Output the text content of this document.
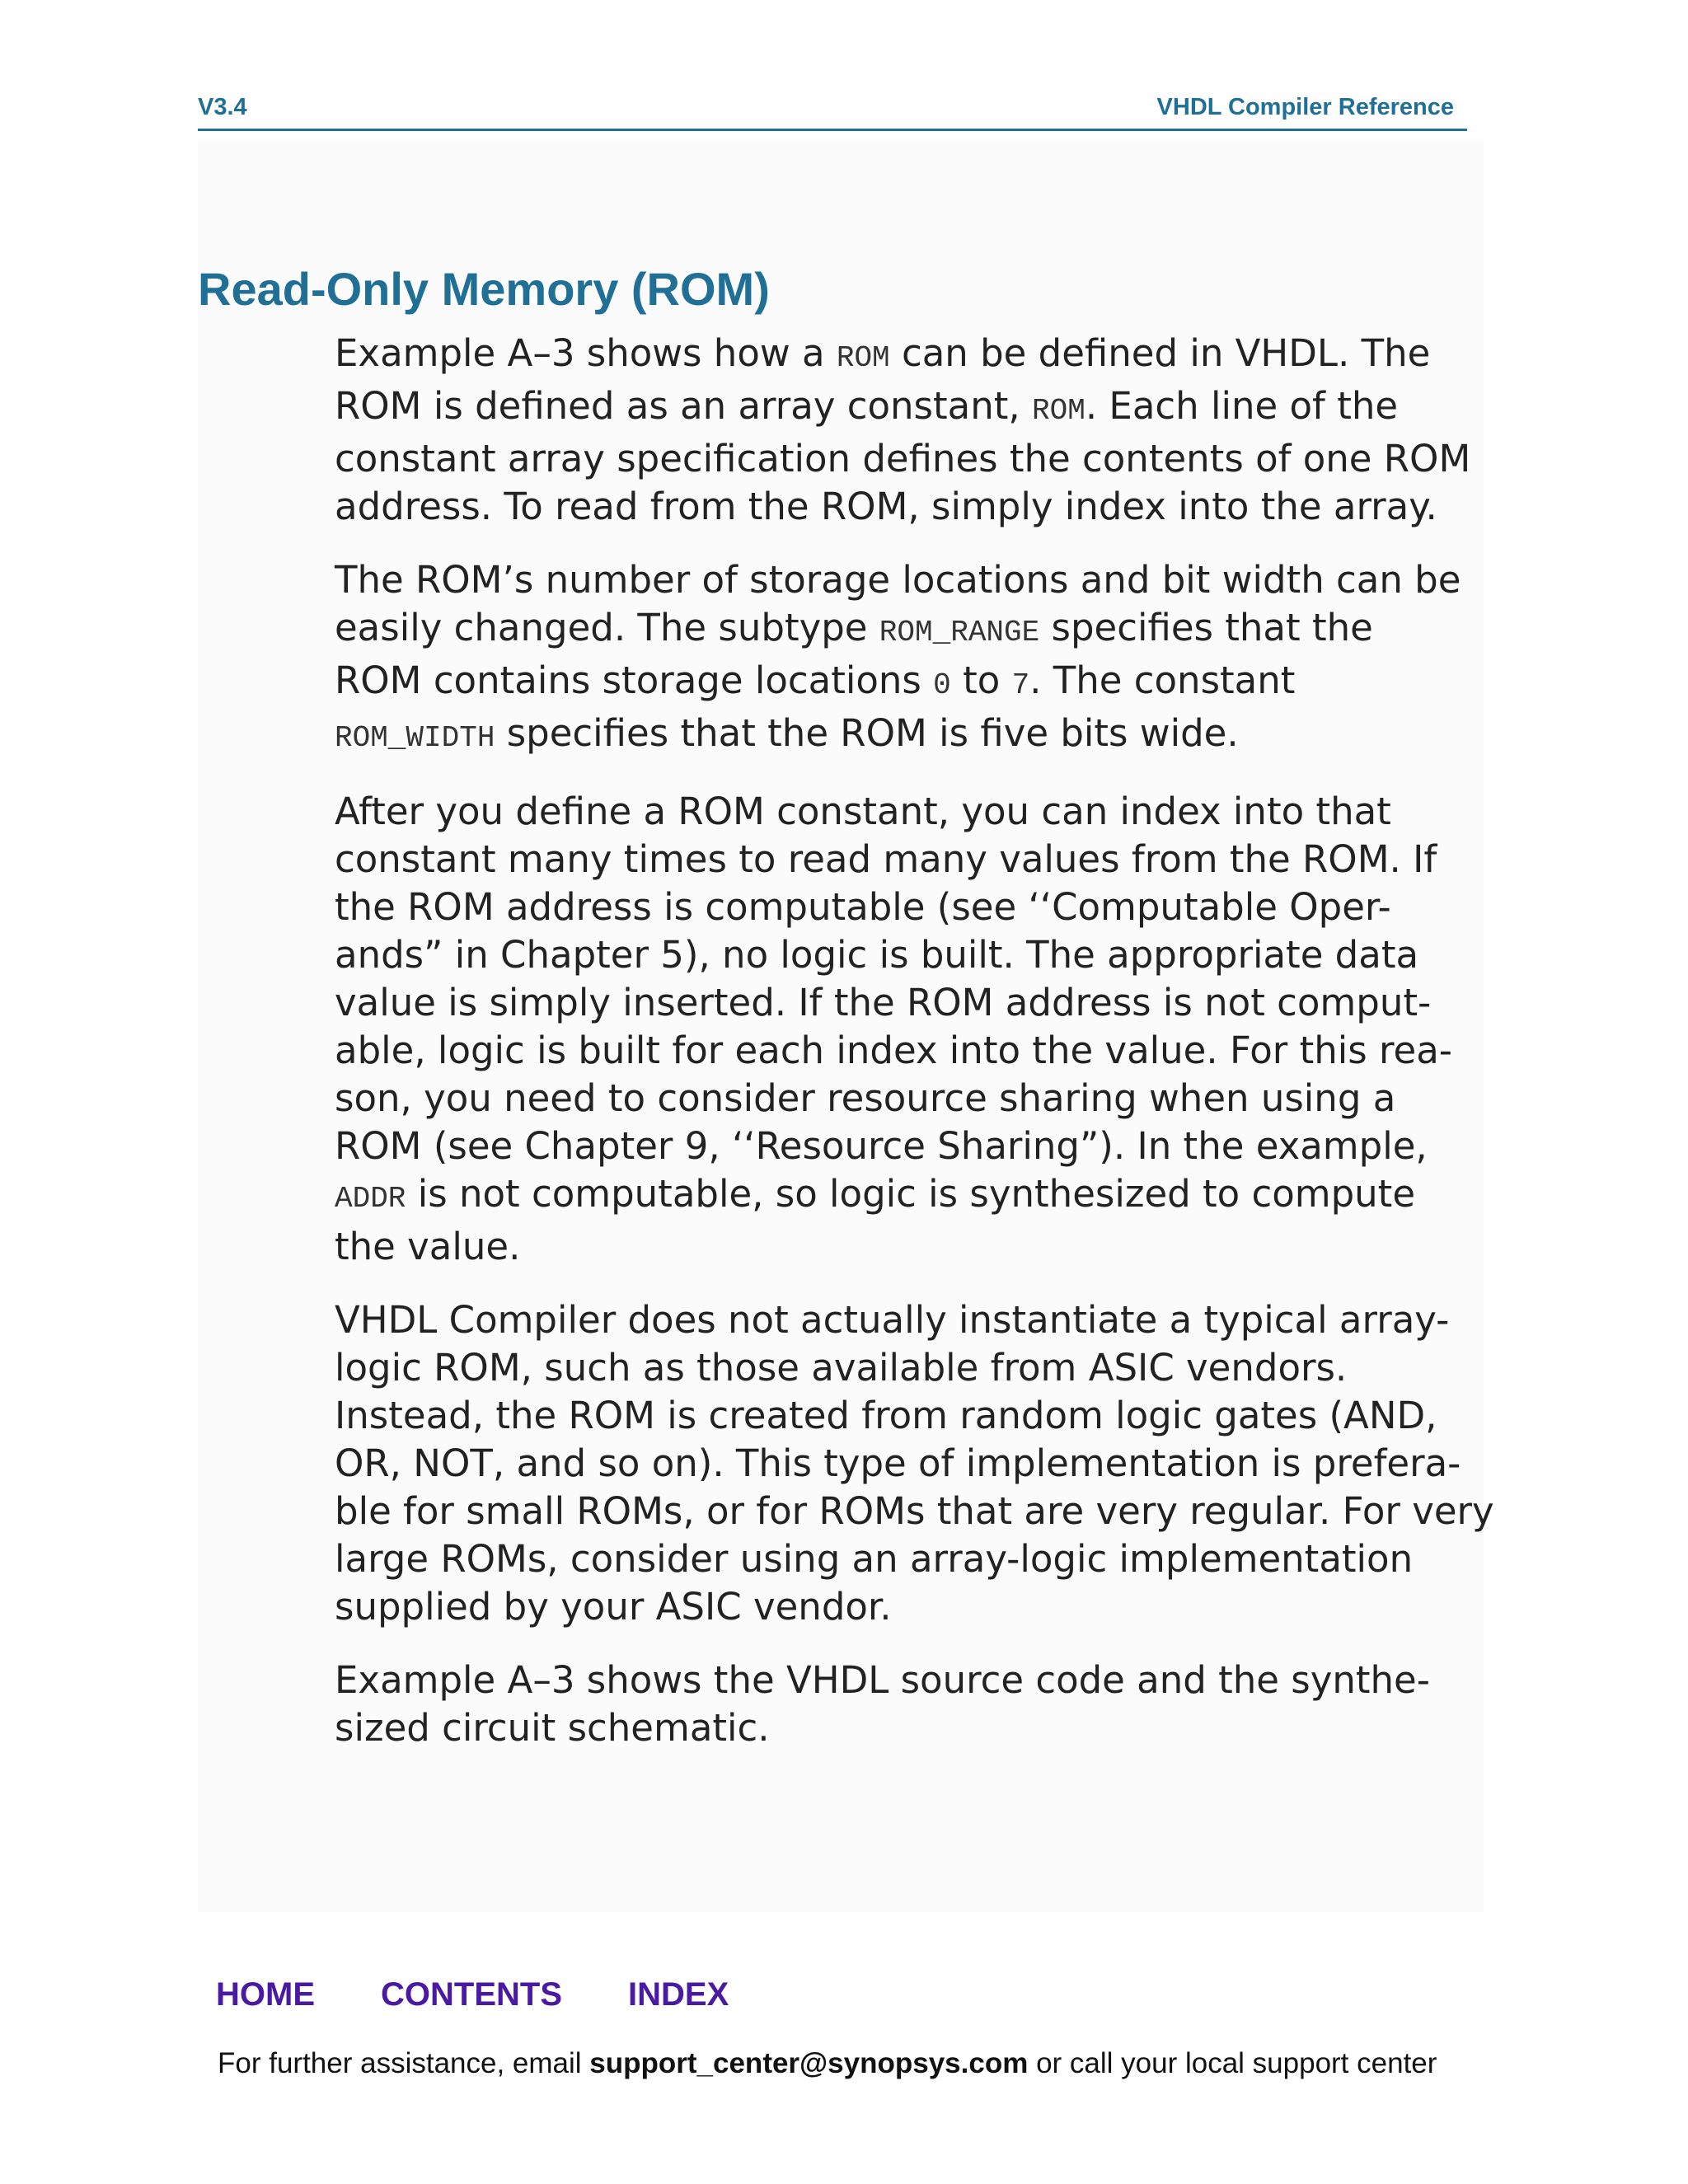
V3.4	VHDL Compiler Reference
Read-Only Memory (ROM)

Example A–3 shows how a ROM can be defined in VHDL. The
ROM is defined as an array constant, ROM. Each line of the
constant array specification defines the contents of one ROM
address. To read from the ROM, simply index into the array.

The ROM’s number of storage locations and bit width can be
easily changed. The subtype ROM_RANGE specifies that the
ROM contains storage locations 0 to 7. The constant
ROM_WIDTH specifies that the ROM is five bits wide.

After you define a ROM constant, you can index into that
constant many times to read many values from the ROM. If
the ROM address is computable (see ‘‘Computable Oper-
ands” in Chapter 5), no logic is built. The appropriate data
value is simply inserted. If the ROM address is not comput-
able, logic is built for each index into the value. For this rea-
son, you need to consider resource sharing when using a
ROM (see Chapter 9, ‘‘Resource Sharing”). In the example,
ADDR is not computable, so logic is synthesized to compute
the value.

VHDL Compiler does not actually instantiate a typical array-
logic ROM, such as those available from ASIC vendors.
Instead, the ROM is created from random logic gates (AND,
OR, NOT, and so on). This type of implementation is prefera-
ble for small ROMs, or for ROMs that are very regular. For very
large ROMs, consider using an array-logic implementation
supplied by your ASIC vendor.

Example A–3 shows the VHDL source code and the synthe-
sized circuit schematic.

HOME CONTENTS INDEX
For further assistance, email support_center@synopsys.com or call your local support center
